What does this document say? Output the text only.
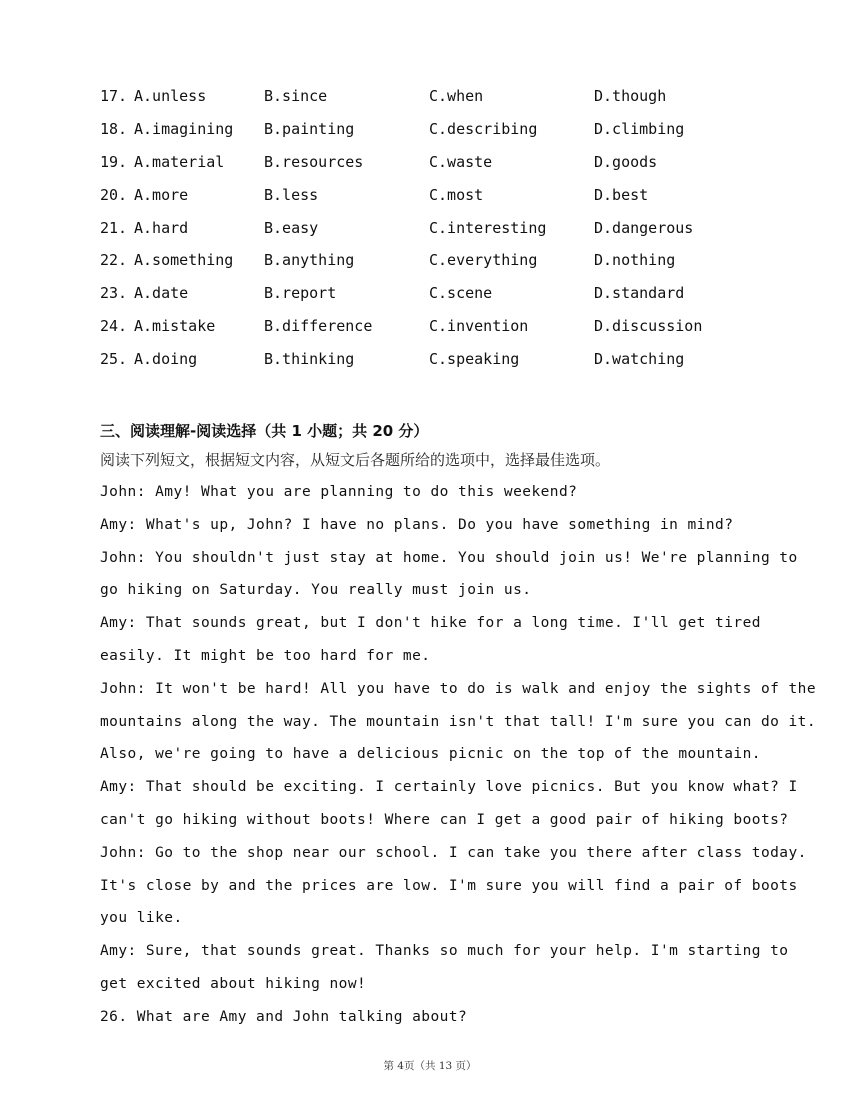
17. A.unless	B.since	C.when	D.though
18. A.imagining	B.painting	C.describing	D.climbing
19. A.material	B.resources	C.waste	D.goods
20. A.more	B.less	C.most	D.best
21. A.hard	B.easy	C.interesting	D.dangerous
22. A.something	B.anything	C.everything	D.nothing
23. A.date	B.report	C.scene	D.standard
24. A.mistake	B.difference	C.invention	D.discussion
25. A.doing	B.thinking	C.speaking	D.watching
三、阅读理解-阅读选择（共 1 小题；共 20 分）
阅读下列短文，根据短文内容，从短文后各题所给的选项中，选择最佳选项。
John: Amy! What you are planning to do this weekend?
Amy: What's up, John? I have no plans. Do you have something in mind?
John: You shouldn't just stay at home. You should join us! We're planning to
go hiking on Saturday. You really must join us.
Amy: That sounds great, but I don't hike for a long time. I'll get tired
easily. It might be too hard for me.
John: It won't be hard! All you have to do is walk and enjoy the sights of the
mountains along the way. The mountain isn't that tall! I'm sure you can do it.
Also, we're going to have a delicious picnic on the top of the mountain.
Amy: That should be exciting. I certainly love picnics. But you know what? I
can't go hiking without boots! Where can I get a good pair of hiking boots?
John: Go to the shop near our school. I can take you there after class today.
It's close by and the prices are low. I'm sure you will find a pair of boots
you like.
Amy: Sure, that sounds great. Thanks so much for your help. I'm starting to
get excited about hiking now!
26. What are Amy and John talking about?
第 4页（共 13 页）
